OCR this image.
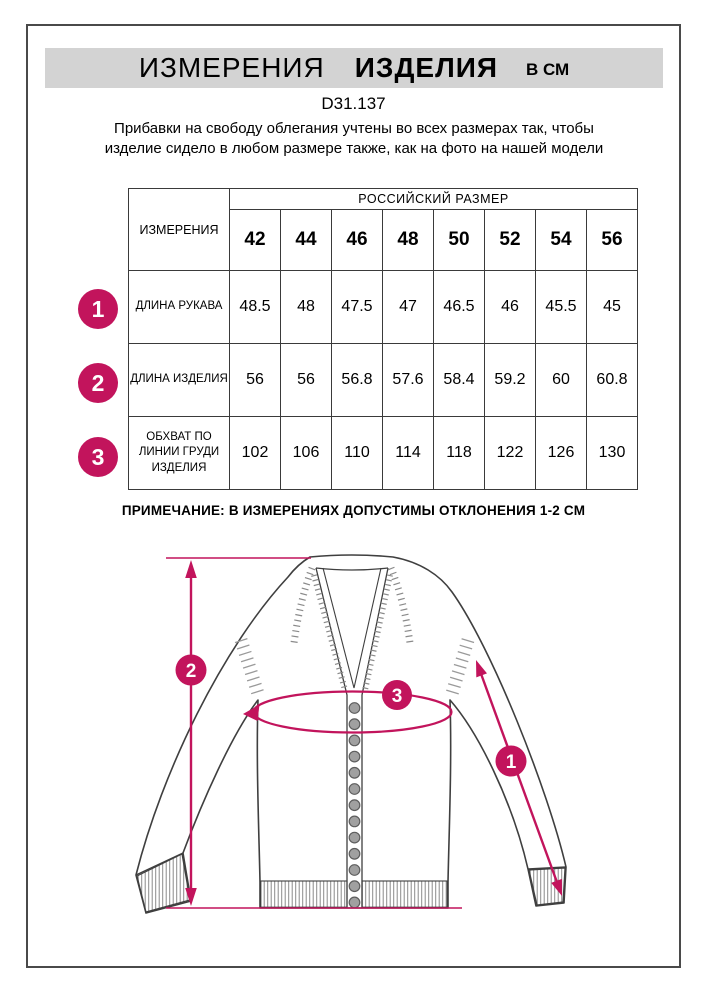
ИЗМЕРЕНИЯ ИЗДЕЛИЯ В СМ
D31.137
Прибавки на свободу облегания учтены во всех размерах так, чтобы изделие сидело в любом размере также, как на фото на нашей модели
ИЗМЕРЕНИЯ	РОССИЙСКИЙ РАЗМЕР							
	42	44	46	48	50	52	54	56
ДЛИНА РУКАВА	48.5	48	47.5	47	46.5	46	45.5	45
ДЛИНА ИЗДЕЛИЯ	56	56	56.8	57.6	58.4	59.2	60	60.8
ОБХВАТ ПО ЛИНИИ ГРУДИ ИЗДЕЛИЯ	102	106	110	114	118	122	126	130
1
2
3
ПРИМЕЧАНИЕ: В ИЗМЕРЕНИЯХ ДОПУСТИМЫ ОТКЛОНЕНИЯ 1-2 СМ
1
2
3
